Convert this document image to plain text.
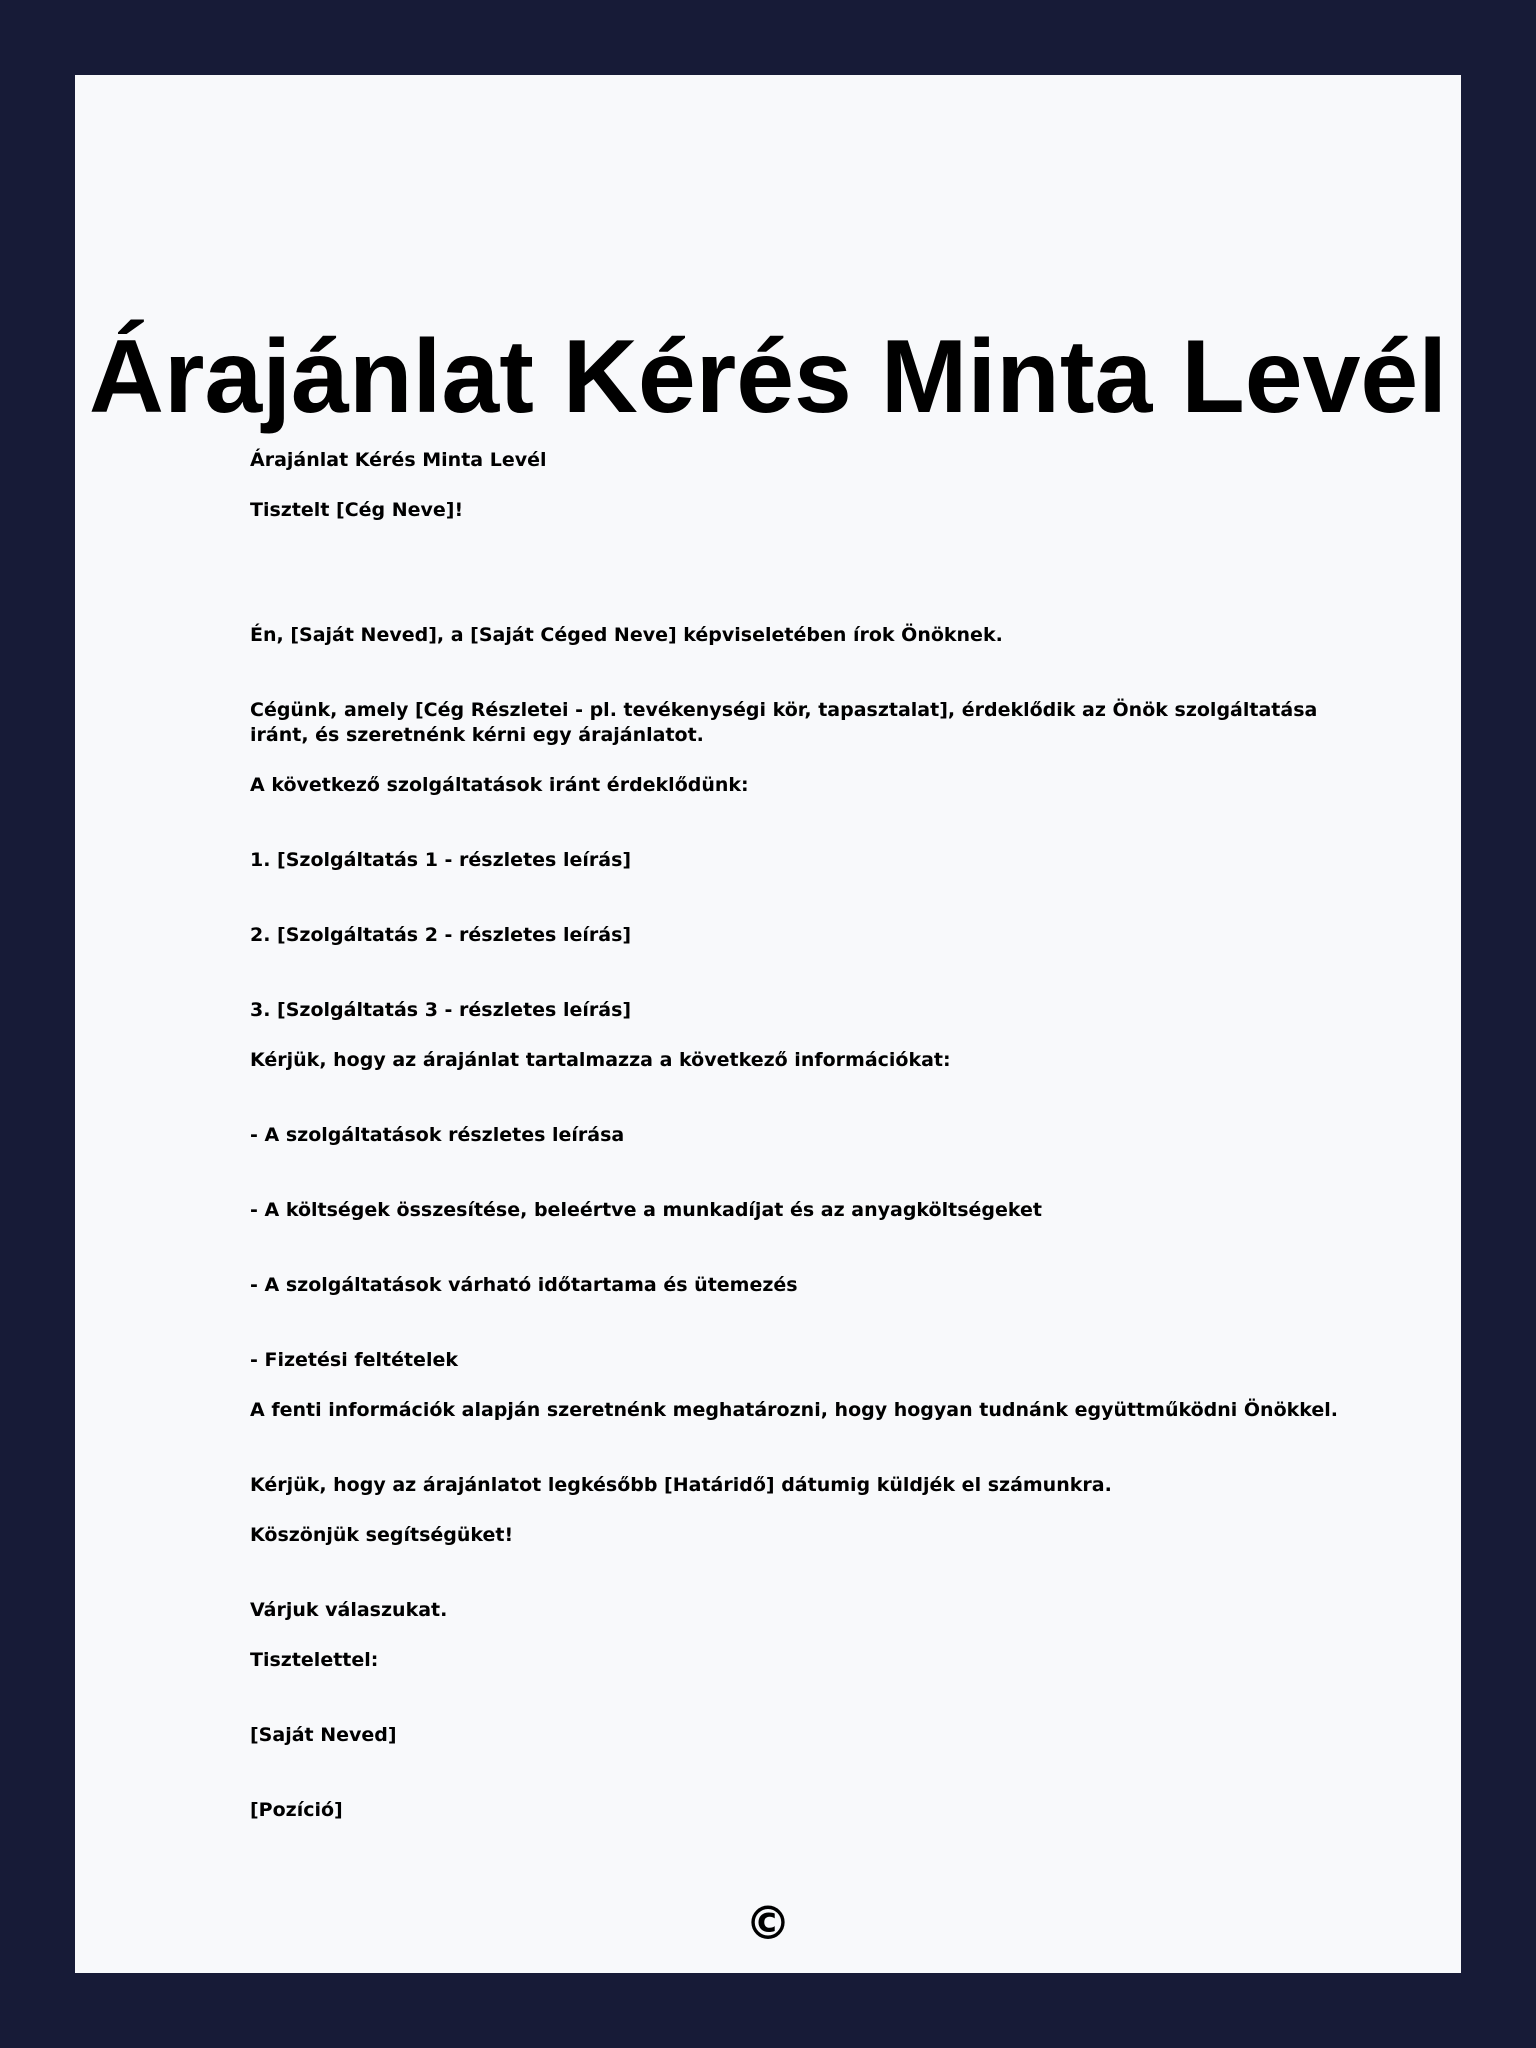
Árajánlat Kérés Minta Levél

Árajánlat Kérés Minta Levél

Tisztelt [Cég Neve]!

Én, [Saját Neved], a [Saját Céged Neve] képviseletében írok Önöknek.

Cégünk, amely [Cég Részletei - pl. tevékenységi kör, tapasztalat], érdeklődik az Önök szolgáltatása iránt, és szeretnénk kérni egy árajánlatot.

A következő szolgáltatások iránt érdeklődünk:

1. [Szolgáltatás 1 - részletes leírás]

2. [Szolgáltatás 2 - részletes leírás]

3. [Szolgáltatás 3 - részletes leírás]

Kérjük, hogy az árajánlat tartalmazza a következő információkat:

- A szolgáltatások részletes leírása

- A költségek összesítése, beleértve a munkadíjat és az anyagköltségeket

- A szolgáltatások várható időtartama és ütemezés

- Fizetési feltételek

A fenti információk alapján szeretnénk meghatározni, hogy hogyan tudnánk együttműködni Önökkel.

Kérjük, hogy az árajánlatot legkésőbb [Határidő] dátumig küldjék el számunkra.

Köszönjük segítségüket!

Várjuk válaszukat.

Tisztelettel:

[Saját Neved]

[Pozíció]

©
